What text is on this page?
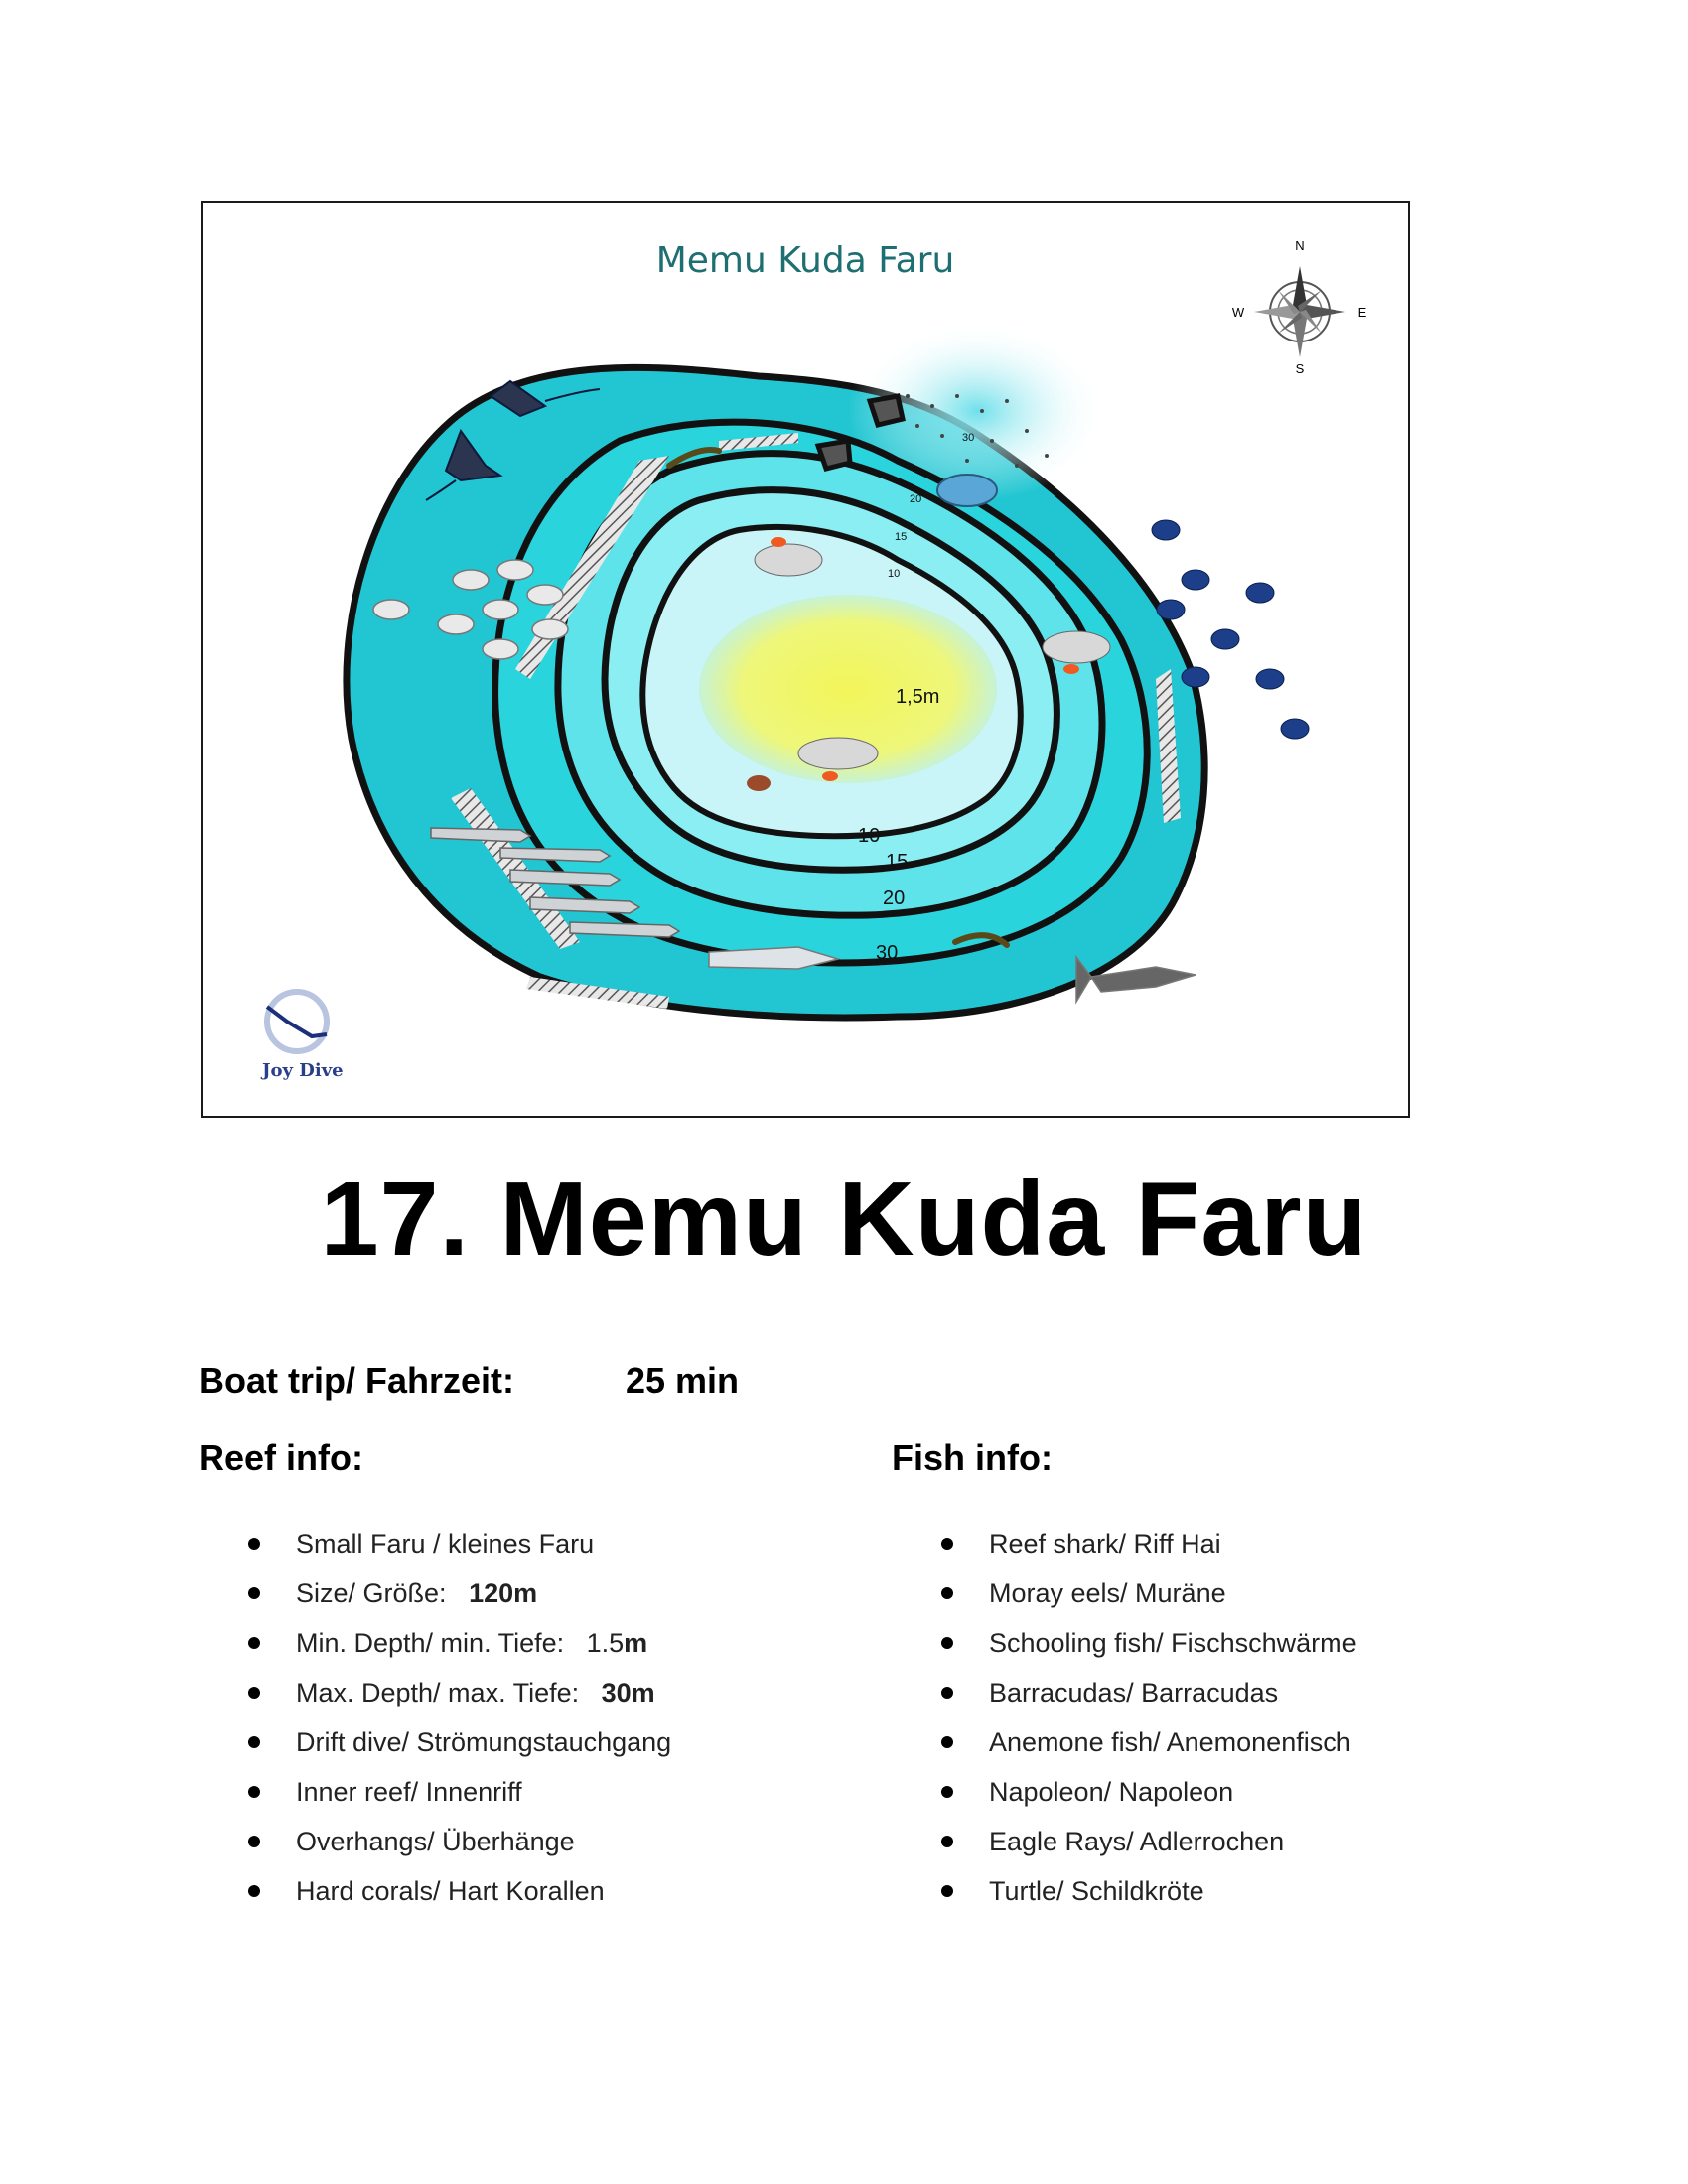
N
S
E
W
30
20
15
10
1,5m
10
15
20
30
Joy Dive
Memu Kuda Faru
17. Memu Kuda Faru
Boat trip/ Fahrzeit:	25 min
Reef info:	Fish info:
Small Faru / kleines Faru
Size/ Größe:   120m
Min. Depth/ min. Tiefe:   1.5m
Max. Depth/ max. Tiefe:   30m
Drift dive/ Strömungstauchgang
Inner reef/ Innenriff
Overhangs/ Überhänge
Hard corals/ Hart Korallen
Reef shark/ Riff Hai
Moray eels/ Muräne
Schooling fish/ Fischschwärme
Barracudas/ Barracudas
Anemone fish/ Anemonenfisch
Napoleon/ Napoleon
Eagle Rays/ Adlerrochen
Turtle/ Schildkröte
